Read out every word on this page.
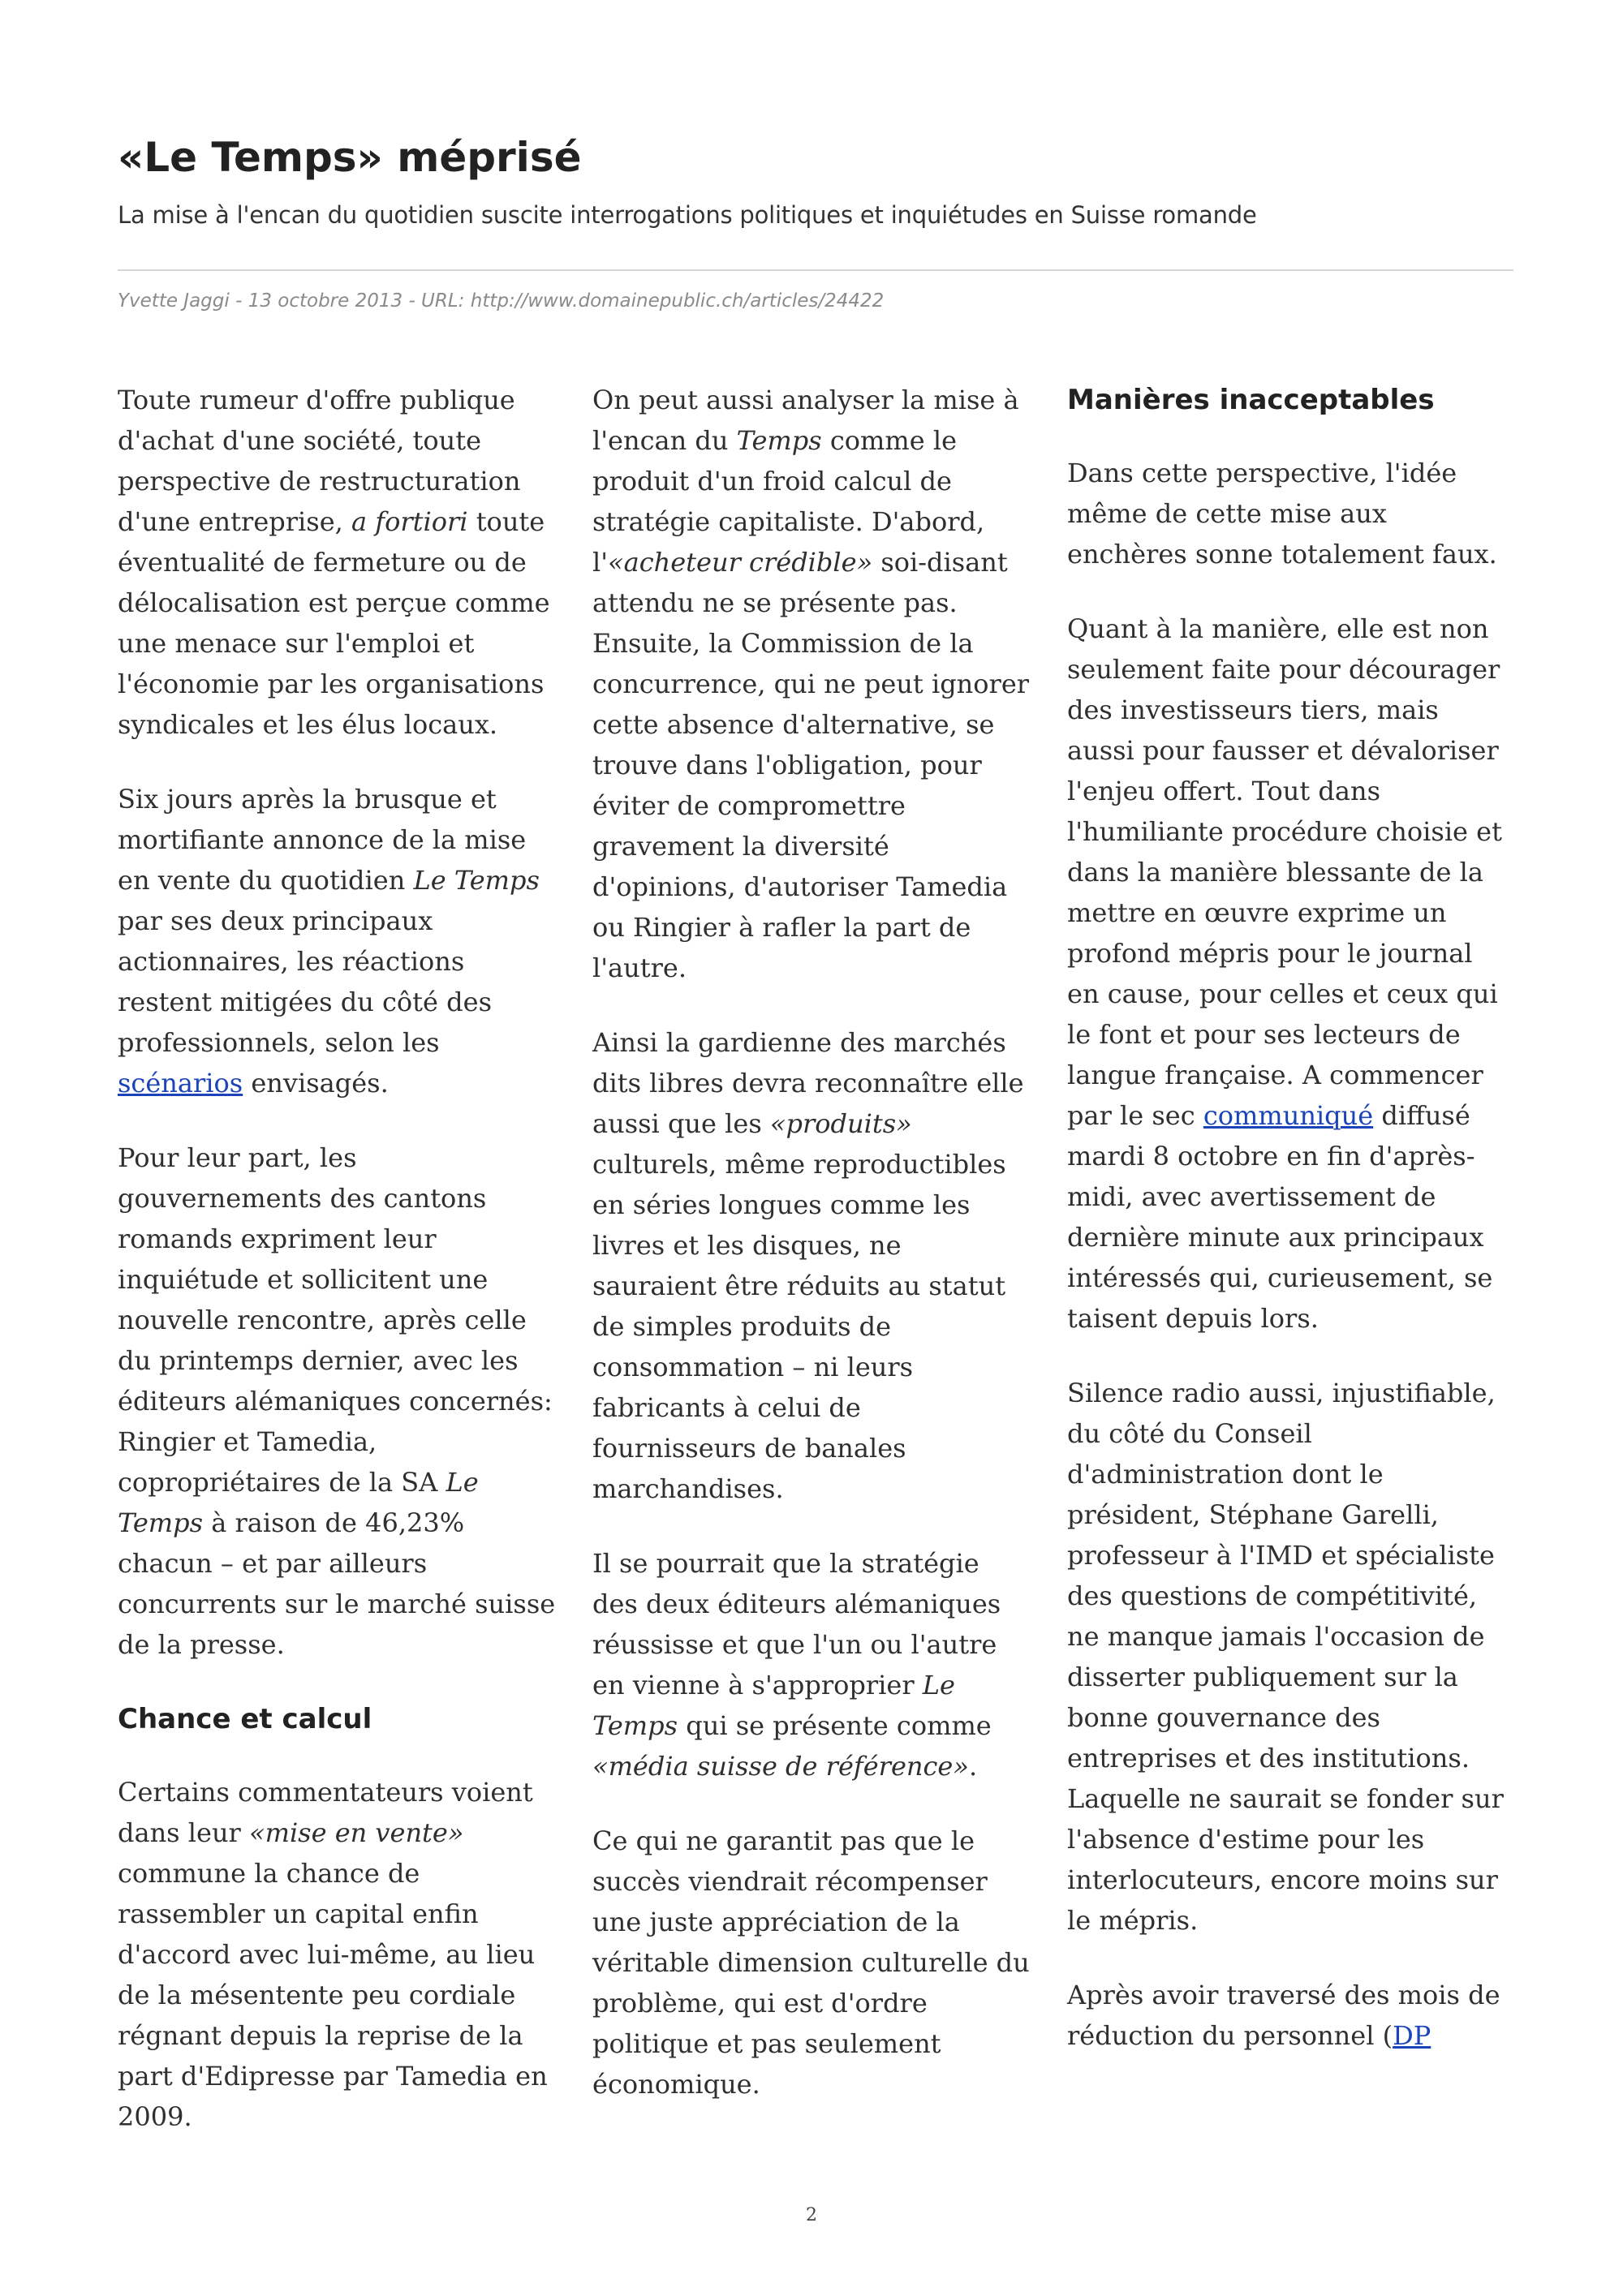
«Le Temps» méprisé
La mise à l'encan du quotidien suscite interrogations politiques et inquiétudes en Suisse romande
Yvette Jaggi - 13 octobre 2013 - URL: http://www.domainepublic.ch/articles/24422

Toute rumeur d'offre publique d'achat d'une société, toute perspective de restructuration d'une entreprise, a fortiori toute éventualité de fermeture ou de délocalisation est perçue comme une menace sur l'emploi et l'économie par les organisations syndicales et les élus locaux.

Six jours après la brusque et mortifiante annonce de la mise en vente du quotidien Le Temps par ses deux principaux actionnaires, les réactions restent mitigées du côté des professionnels, selon les scénarios envisagés.

Pour leur part, les gouvernements des cantons romands expriment leur inquiétude et sollicitent une nouvelle rencontre, après celle du printemps dernier, avec les éditeurs alémaniques concernés: Ringier et Tamedia, copropriétaires de la SA Le Temps à raison de 46,23% chacun – et par ailleurs concurrents sur le marché suisse de la presse.

Chance et calcul

Certains commentateurs voient dans leur «mise en vente» commune la chance de rassembler un capital enfin d'accord avec lui-même, au lieu de la mésentente peu cordiale régnant depuis la reprise de la part d'Edipresse par Tamedia en 2009.

On peut aussi analyser la mise à l'encan du Temps comme le produit d'un froid calcul de stratégie capitaliste. D'abord, l'«acheteur crédible» soi-disant attendu ne se présente pas. Ensuite, la Commission de la concurrence, qui ne peut ignorer cette absence d'alternative, se trouve dans l'obligation, pour éviter de compromettre gravement la diversité d'opinions, d'autoriser Tamedia ou Ringier à rafler la part de l'autre.

Ainsi la gardienne des marchés dits libres devra reconnaître elle aussi que les «produits» culturels, même reproductibles en séries longues comme les livres et les disques, ne sauraient être réduits au statut de simples produits de consommation – ni leurs fabricants à celui de fournisseurs de banales marchandises.

Il se pourrait que la stratégie des deux éditeurs alémaniques réussisse et que l'un ou l'autre en vienne à s'approprier Le Temps qui se présente comme «média suisse de référence».

Ce qui ne garantit pas que le succès viendrait récompenser une juste appréciation de la véritable dimension culturelle du problème, qui est d'ordre politique et pas seulement économique.

Manières inacceptables

Dans cette perspective, l'idée même de cette mise aux enchères sonne totalement faux.

Quant à la manière, elle est non seulement faite pour décourager des investisseurs tiers, mais aussi pour fausser et dévaloriser l'enjeu offert. Tout dans l'humiliante procédure choisie et dans la manière blessante de la mettre en œuvre exprime un profond mépris pour le journal en cause, pour celles et ceux qui le font et pour ses lecteurs de langue française. A commencer par le sec communiqué diffusé mardi 8 octobre en fin d'après-midi, avec avertissement de dernière minute aux principaux intéressés qui, curieusement, se taisent depuis lors.

Silence radio aussi, injustifiable, du côté du Conseil d'administration dont le président, Stéphane Garelli, professeur à l'IMD et spécialiste des questions de compétitivité, ne manque jamais l'occasion de disserter publiquement sur la bonne gouvernance des entreprises et des institutions. Laquelle ne saurait se fonder sur l'absence d'estime pour les interlocuteurs, encore moins sur le mépris.

Après avoir traversé des mois de réduction du personnel (DP

2
